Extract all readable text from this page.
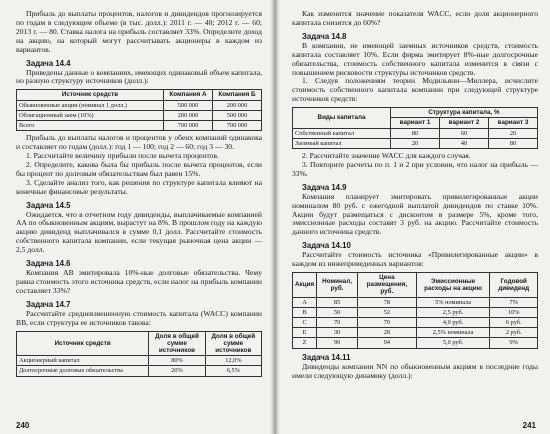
Прибыль до выплаты процентов, налогов и дивидендов прогнозируется по годам в следующем объеме (в тыс. долл.): 2011 г. — 40; 2012 г. — 60; 2013 г. — 80. Ставка налога на прибыль составляет 33%. Определите доход на акцию, на который могут рассчитывать акционеры в каждом из вариантов.

Задача 14.4

Приведены данные о компаниях, имеющих одинаковый объем капитала, но разную структуру источников (долл.):

Источник средств	Компания A	Компания Б
Обыкновенные акции (номинал 1 долл.)	500 000	200 000
Облигационный заем (10%)	200 000	500 000
Всего	700 000	700 000

Прибыль до выплаты налогов и процентов у обеих компаний одинакова и составляет по годам (долл.): год 1 — 100; год 2 — 60; год 3 — 30.

1. Рассчитайте величину прибыли после вычета процентов.

2. Определите, какова была бы прибыль после вычета процентов, если бы процент по долговым обязательствам был равен 15%.

3. Сделайте анализ того, как решения по структуре капитала влияют на конечные финансовые результаты.

Задача 14.5

Ожидается, что в отчетном году дивиденды, выплачиваемые компанией AA по обыкновенным акциям, вырастут на 8%. В прошлом году на каждую акцию дивиденд выплачивался в сумме 0,1 долл. Рассчитайте стоимость собственного капитала компании, если текущая рыночная цена акции — 2,5 долл.

Задача 14.6

Компания AB эмитировала 10%-ные долговые обязательства. Чему равна стоимость этого источника средств, если налог на прибыль компании составляет 33%?

Задача 14.7

Рассчитайте средневзвешенную стоимость капитала (WACC) компании BB, если структура ее источников такова:

Источник средств	Доля в общей сумме источников	Доля в общей сумме источников
Акционерный капитал	80%	12,0%
Долгосрочные долговые обязательства	20%	6,5%
240

Как изменится значение показателя WACC, если доля акционерного капитала снизится до 60%?

Задача 14.8

В компании, не имеющей заемных источников средств, стоимость капитала составляет 10%. Если фирма эмитирует 8%-ные долгосрочные обязательства, стоимость собственного капитала изменится в связи с повышением рисковости структуры источников средств.

1. Следуя положениям теории Модильяни—Миллера, исчислите стоимость собственного капитала компании при следующей структуре источников средств:

Виды капитала	Структура капитала, %		
	вариант 1	вариант 2	вариант 3
Собственный капитал	80	60	20
Заемный капитал	20	40	80

2. Рассчитайте значение WACC для каждого случая.

3. Повторите расчеты по п. 1 и 2 при условии, что налог на прибыль — 33%.

Задача 14.9

Компания планирует эмитировать привилегированные акции номиналом 80 руб. с ежегодной выплатой дивидендов по ставке 10%. Акции будут размещаться с дисконтом в размере 5%, кроме того, эмиссионные расходы составят 3 руб. на акцию. Рассчитайте стоимость данного источника средств.

Задача 14.10

Рассчитайте стоимость источника «Привилегированные акции» в каждом из нижеприведенных вариантов:

Акция	Номинал, руб.	Цена размещения, руб.	Эмиссионные расходы на акцию	Годовой дивиденд
A	85	78	5% номинала	7%
B	50	52	2,5 руб.	10%
C	70	70	4,0 руб.	6 руб.
E	30	28	2,5% номинала	2 руб.
Z	90	94	5,0 руб.	9%
Задача 14.11

Дивиденды компании NN по обыкновенным акциям в последние годы имели следующую динамику (долл.):

241
